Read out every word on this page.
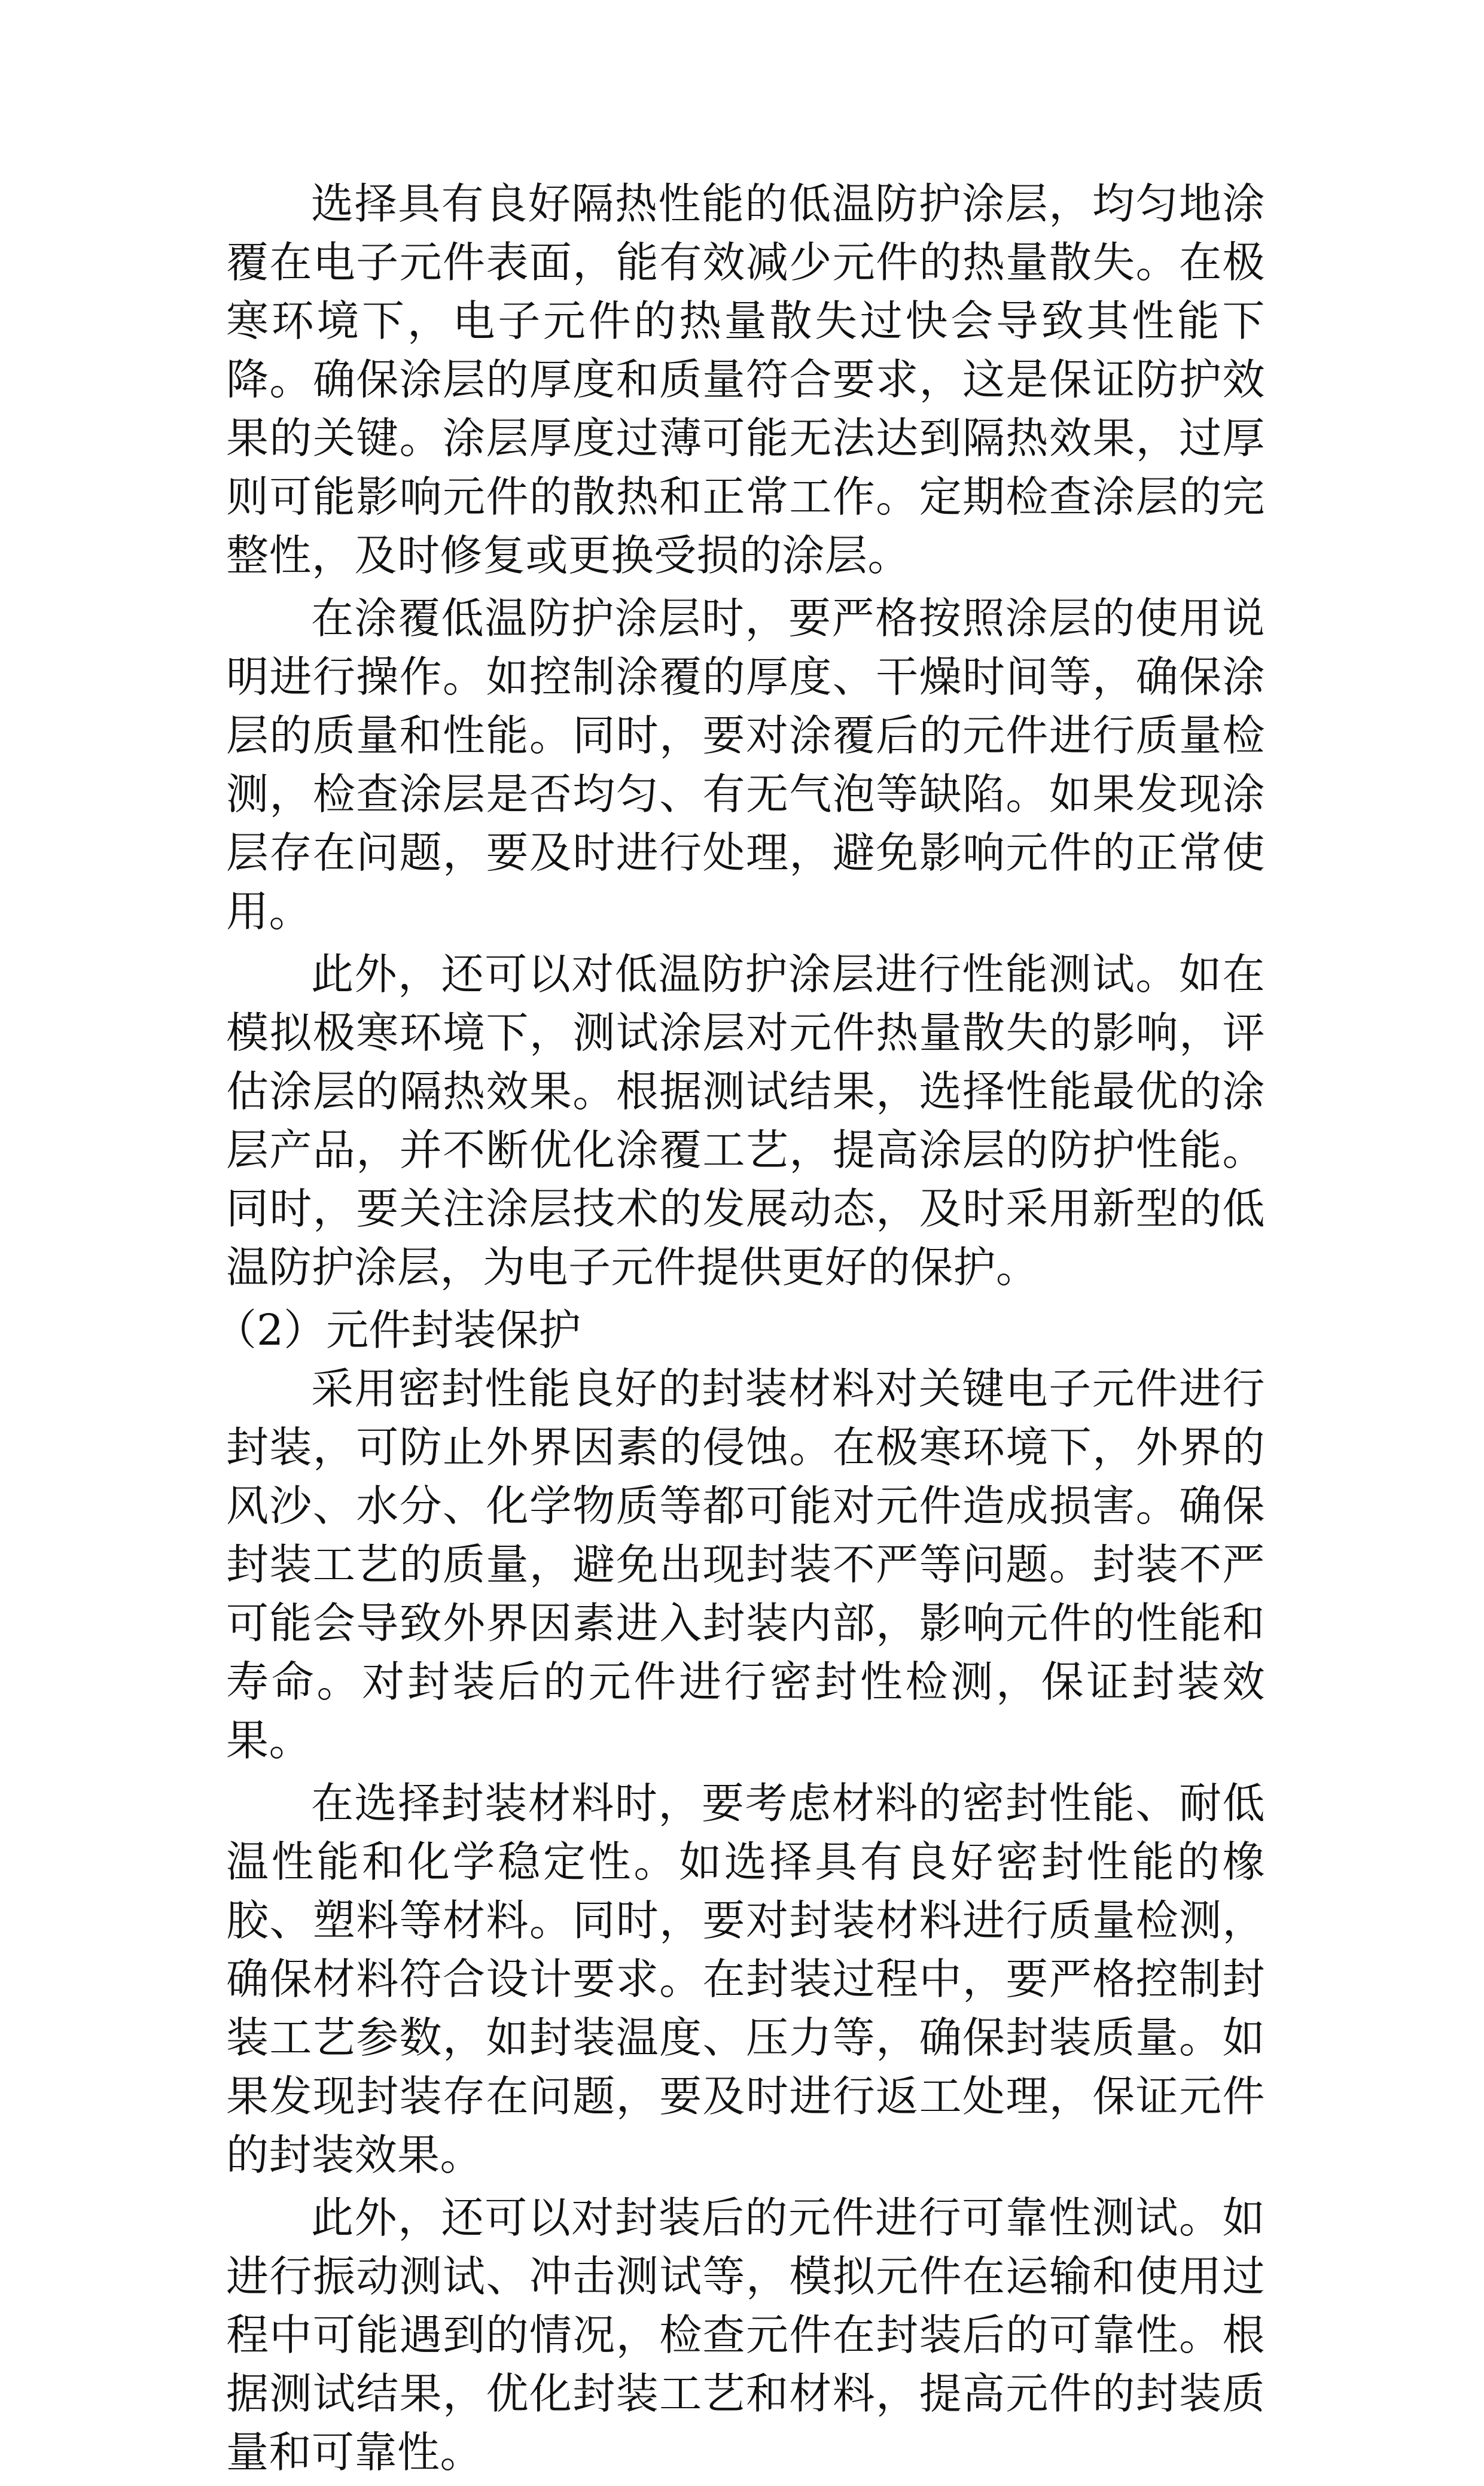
选择具有良好隔热性能的低温防护涂层，均匀地涂覆在电子元件表面，能有效减少元件的热量散失。在极寒环境下，电子元件的热量散失过快会导致其性能下降。确保涂层的厚度和质量符合要求，这是保证防护效果的关键。涂层厚度过薄可能无法达到隔热效果，过厚则可能影响元件的散热和正常工作。定期检查涂层的完整性，及时修复或更换受损的涂层。

在涂覆低温防护涂层时，要严格按照涂层的使用说明进行操作。如控制涂覆的厚度、干燥时间等，确保涂层的质量和性能。同时，要对涂覆后的元件进行质量检测，检查涂层是否均匀、有无气泡等缺陷。如果发现涂层存在问题，要及时进行处理，避免影响元件的正常使用。

此外，还可以对低温防护涂层进行性能测试。如在模拟极寒环境下，测试涂层对元件热量散失的影响，评估涂层的隔热效果。根据测试结果，选择性能最优的涂层产品，并不断优化涂覆工艺，提高涂层的防护性能。同时，要关注涂层技术的发展动态，及时采用新型的低温防护涂层，为电子元件提供更好的保护。

（2）元件封装保护

采用密封性能良好的封装材料对关键电子元件进行封装，可防止外界因素的侵蚀。在极寒环境下，外界的风沙、水分、化学物质等都可能对元件造成损害。确保封装工艺的质量，避免出现封装不严等问题。封装不严可能会导致外界因素进入封装内部，影响元件的性能和寿命。对封装后的元件进行密封性检测，保证封装效果。

在选择封装材料时，要考虑材料的密封性能、耐低温性能和化学稳定性。如选择具有良好密封性能的橡胶、塑料等材料。同时，要对封装材料进行质量检测，确保材料符合设计要求。在封装过程中，要严格控制封装工艺参数，如封装温度、压力等，确保封装质量。如果发现封装存在问题，要及时进行返工处理，保证元件的封装效果。

此外，还可以对封装后的元件进行可靠性测试。如进行振动测试、冲击测试等，模拟元件在运输和使用过程中可能遇到的情况，检查元件在封装后的可靠性。根据测试结果，优化封装工艺和材料，提高元件的封装质量和可靠性。
